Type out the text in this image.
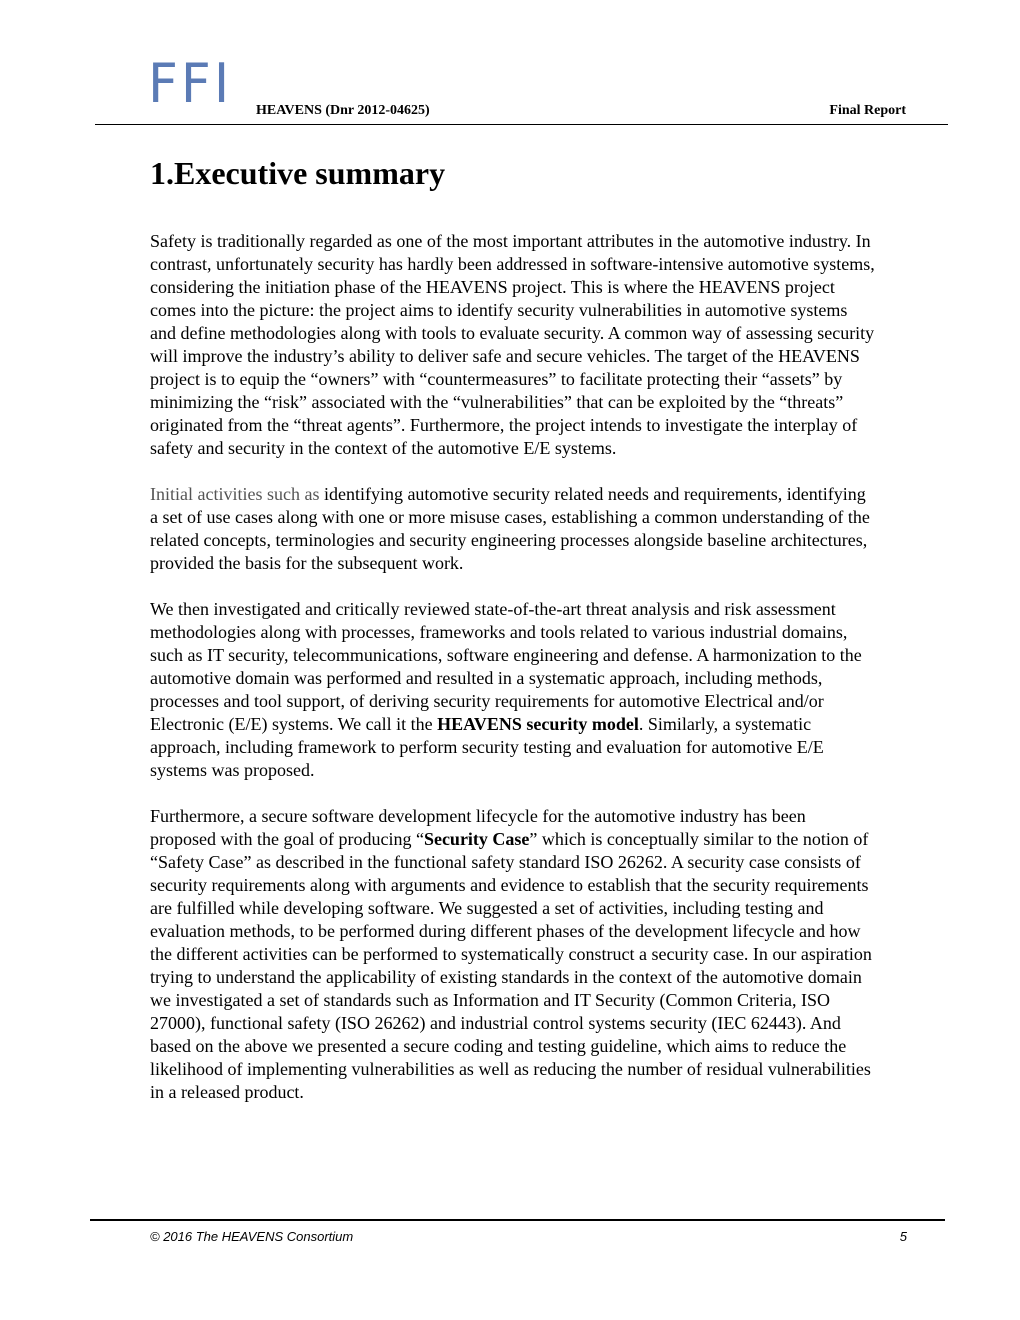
FFI HEAVENS (Dnr 2012-04625)	Final Report
1.Executive summary

Safety is traditionally regarded as one of the most important attributes in the automotive industry. In contrast, unfortunately security has hardly been addressed in software-intensive automotive systems, considering the initiation phase of the HEAVENS project. This is where the HEAVENS project comes into the picture: the project aims to identify security vulnerabilities in automotive systems and define methodologies along with tools to evaluate security. A common way of assessing security will improve the industry’s ability to deliver safe and secure vehicles. The target of the HEAVENS project is to equip the “owners” with “countermeasures” to facilitate protecting their “assets” by minimizing the “risk” associated with the “vulnerabilities” that can be exploited by the “threats” originated from the “threat agents”. Furthermore, the project intends to investigate the interplay of safety and security in the context of the automotive E/E systems.

Initial activities such as identifying automotive security related needs and requirements, identifying a set of use cases along with one or more misuse cases, establishing a common understanding of the related concepts, terminologies and security engineering processes alongside baseline architectures, provided the basis for the subsequent work.

We then investigated and critically reviewed state-of-the-art threat analysis and risk assessment methodologies along with processes, frameworks and tools related to various industrial domains, such as IT security, telecommunications, software engineering and defense. A harmonization to the automotive domain was performed and resulted in a systematic approach, including methods, processes and tool support, of deriving security requirements for automotive Electrical and/or Electronic (E/E) systems. We call it the HEAVENS security model. Similarly, a systematic approach, including framework to perform security testing and evaluation for automotive E/E systems was proposed.

Furthermore, a secure software development lifecycle for the automotive industry has been proposed with the goal of producing “Security Case” which is conceptually similar to the notion of “Safety Case” as described in the functional safety standard ISO 26262. A security case consists of security requirements along with arguments and evidence to establish that the security requirements are fulfilled while developing software. We suggested a set of activities, including testing and evaluation methods, to be performed during different phases of the development lifecycle and how the different activities can be performed to systematically construct a security case. In our aspiration trying to understand the applicability of existing standards in the context of the automotive domain we investigated a set of standards such as Information and IT Security (Common Criteria, ISO 27000), functional safety (ISO 26262) and industrial control systems security (IEC 62443). And based on the above we presented a secure coding and testing guideline, which aims to reduce the likelihood of implementing vulnerabilities as well as reducing the number of residual vulnerabilities in a released product.

© 2016 The HEAVENS Consortium	5
